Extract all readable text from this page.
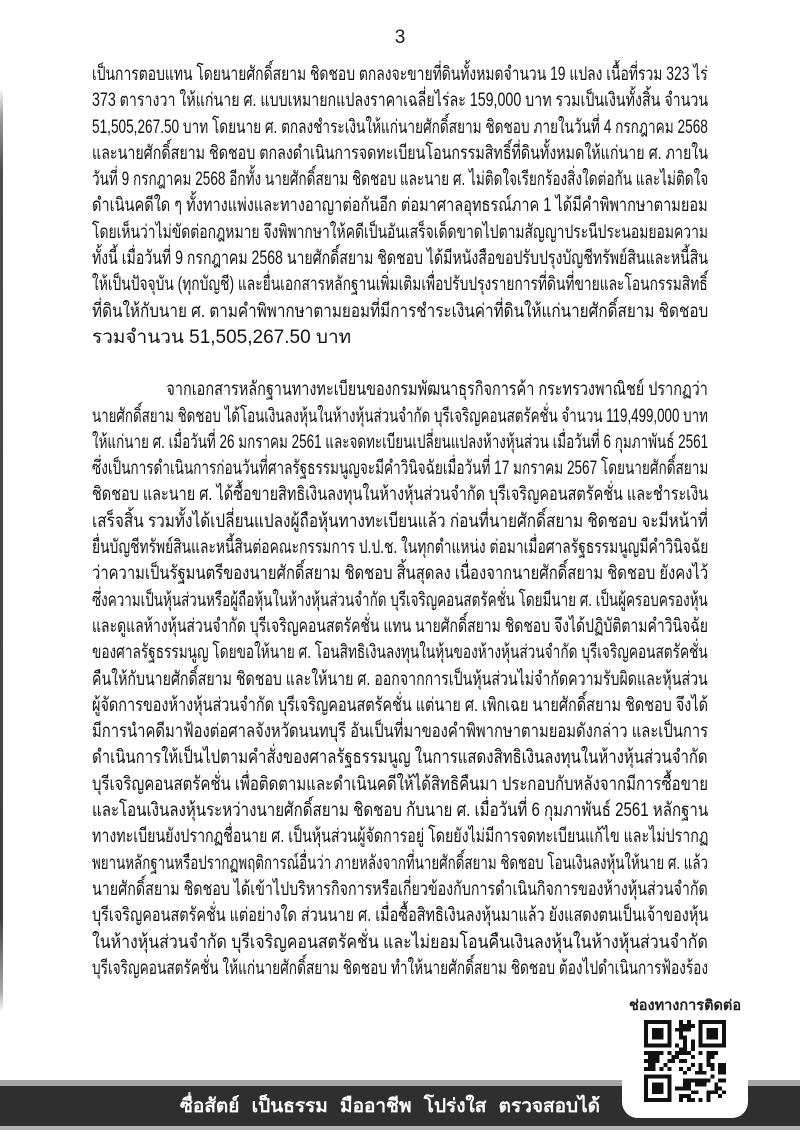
3
เป็นการตอบแทน โดยนายศักดิ์สยาม ชิดชอบ ตกลงจะขายที่ดินทั้งหมดจำนวน 19 แปลง เนื้อที่รวม 323 ไร่
373 ตารางวา ให้แก่นาย ศ. แบบเหมายกแปลงราคาเฉลี่ยไร่ละ 159,000 บาท รวมเป็นเงินทั้งสิ้น จำนวน
51,505,267.50 บาท โดยนาย ศ. ตกลงชำระเงินให้แก่นายศักดิ์สยาม ชิดชอบ ภายในวันที่ 4 กรกฎาคม 2568
และนายศักดิ์สยาม ชิดชอบ ตกลงดำเนินการจดทะเบียนโอนกรรมสิทธิ์ที่ดินทั้งหมดให้แก่นาย ศ. ภายใน
วันที่ 9 กรกฎาคม 2568 อีกทั้ง นายศักดิ์สยาม ชิดชอบ และนาย ศ. ไม่ติดใจเรียกร้องสิ่งใดต่อกัน และไม่ติดใจ
ดำเนินคดีใด ๆ ทั้งทางแพ่งและทางอาญาต่อกันอีก ต่อมาศาลอุทธรณ์ภาค 1 ได้มีคำพิพากษาตามยอม
โดยเห็นว่าไม่ขัดต่อกฎหมาย จึงพิพากษาให้คดีเป็นอันเสร็จเด็ดขาดไปตามสัญญาประนีประนอมยอมความ
ทั้งนี้ เมื่อวันที่ 9 กรกฎาคม 2568 นายศักดิ์สยาม ชิดชอบ ได้มีหนังสือขอปรับปรุงบัญชีทรัพย์สินและหนี้สิน
ให้เป็นปัจจุบัน (ทุกบัญชี) และยื่นเอกสารหลักฐานเพิ่มเติมเพื่อปรับปรุงรายการที่ดินที่ขายและโอนกรรมสิทธิ์
ที่ดินให้กับนาย ศ. ตามคำพิพากษาตามยอมที่มีการชำระเงินค่าที่ดินให้แก่นายศักดิ์สยาม ชิดชอบ
รวมจำนวน 51,505,267.50 บาท
จากเอกสารหลักฐานทางทะเบียนของกรมพัฒนาธุรกิจการค้า กระทรวงพาณิชย์ ปรากฏว่า
นายศักดิ์สยาม ชิดชอบ ได้โอนเงินลงหุ้นในห้างหุ้นส่วนจำกัด บุรีเจริญคอนสตรัคชั่น จำนวน 119,499,000 บาท
ให้แก่นาย ศ. เมื่อวันที่ 26 มกราคม 2561 และจดทะเบียนเปลี่ยนแปลงห้างหุ้นส่วน เมื่อวันที่ 6 กุมภาพันธ์ 2561
ซึ่งเป็นการดำเนินการก่อนวันที่ศาลรัฐธรรมนูญจะมีคำวินิจฉัยเมื่อวันที่ 17 มกราคม 2567 โดยนายศักดิ์สยาม
ชิดชอบ และนาย ศ. ได้ซื้อขายสิทธิเงินลงทุนในห้างหุ้นส่วนจำกัด บุรีเจริญคอนสตรัคชั่น และชำระเงิน
เสร็จสิ้น รวมทั้งได้เปลี่ยนแปลงผู้ถือหุ้นทางทะเบียนแล้ว ก่อนที่นายศักดิ์สยาม ชิดชอบ จะมีหน้าที่
ยื่นบัญชีทรัพย์สินและหนี้สินต่อคณะกรรมการ ป.ป.ช. ในทุกตำแหน่ง ต่อมาเมื่อศาลรัฐธรรมนูญมีคำวินิจฉัย
ว่าความเป็นรัฐมนตรีของนายศักดิ์สยาม ชิดชอบ สิ้นสุดลง เนื่องจากนายศักดิ์สยาม ชิดชอบ ยังคงไว้
ซึ่งความเป็นหุ้นส่วนหรือผู้ถือหุ้นในห้างหุ้นส่วนจำกัด บุรีเจริญคอนสตรัคชั่น โดยมีนาย ศ. เป็นผู้ครอบครองหุ้น
และดูแลห้างหุ้นส่วนจำกัด บุรีเจริญคอนสตรัคชั่น แทน นายศักดิ์สยาม ชิดชอบ จึงได้ปฏิบัติตามคำวินิจฉัย
ของศาลรัฐธรรมนูญ โดยขอให้นาย ศ. โอนสิทธิเงินลงทุนในหุ้นของห้างหุ้นส่วนจำกัด บุรีเจริญคอนสตรัคชั่น
คืนให้กับนายศักดิ์สยาม ชิดชอบ และให้นาย ศ. ออกจากการเป็นหุ้นส่วนไม่จำกัดความรับผิดและหุ้นส่วน
ผู้จัดการของห้างหุ้นส่วนจำกัด บุรีเจริญคอนสตรัคชั่น แต่นาย ศ. เพิกเฉย นายศักดิ์สยาม ชิดชอบ จึงได้
มีการนำคดีมาฟ้องต่อศาลจังหวัดนนทบุรี อันเป็นที่มาของคำพิพากษาตามยอมดังกล่าว และเป็นการ
ดำเนินการให้เป็นไปตามคำสั่งของศาลรัฐธรรมนูญ ในการแสดงสิทธิเงินลงทุนในห้างหุ้นส่วนจำกัด
บุรีเจริญคอนสตรัคชั่น เพื่อติดตามและดำเนินคดีให้ได้สิทธิคืนมา ประกอบกับหลังจากมีการซื้อขาย
และโอนเงินลงหุ้นระหว่างนายศักดิ์สยาม ชิดชอบ กับนาย ศ. เมื่อวันที่ 6 กุมภาพันธ์ 2561 หลักฐาน
ทางทะเบียนยังปรากฏชื่อนาย ศ. เป็นหุ้นส่วนผู้จัดการอยู่ โดยยังไม่มีการจดทะเบียนแก้ไข และไม่ปรากฏ
พยานหลักฐานหรือปรากฏพฤติการณ์อื่นว่า ภายหลังจากที่นายศักดิ์สยาม ชิดชอบ โอนเงินลงหุ้นให้นาย ศ. แล้ว
นายศักดิ์สยาม ชิดชอบ ได้เข้าไปบริหารกิจการหรือเกี่ยวข้องกับการดำเนินกิจการของห้างหุ้นส่วนจำกัด
บุรีเจริญคอนสตรัคชั่น แต่อย่างใด ส่วนนาย ศ. เมื่อซื้อสิทธิเงินลงหุ้นมาแล้ว ยังแสดงตนเป็นเจ้าของหุ้น
ในห้างหุ้นส่วนจำกัด บุรีเจริญคอนสตรัคชั่น และไม่ยอมโอนคืนเงินลงหุ้นในห้างหุ้นส่วนจำกัด
บุรีเจริญคอนสตรัคชั่น ให้แก่นายศักดิ์สยาม ชิดชอบ ทำให้นายศักดิ์สยาม ชิดชอบ ต้องไปดำเนินการฟ้องร้อง
ช่องทางการติดต่อ
ซื่อสัตย์ เป็นธรรม มืออาชีพ โปร่งใส ตรวจสอบได้
